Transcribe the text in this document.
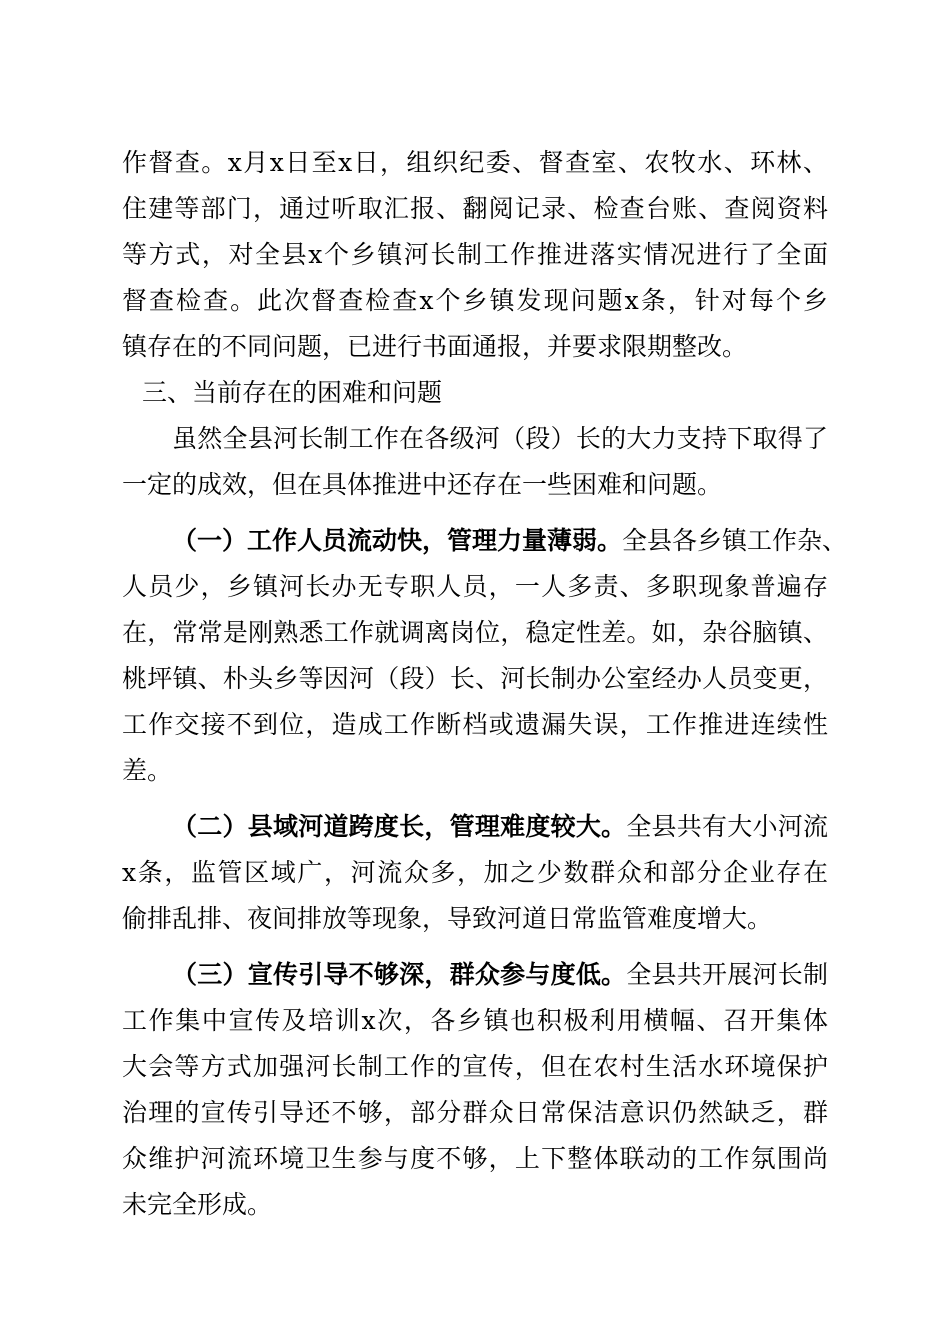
作督查。x月x日至x日，组织纪委、督查室、农牧水、环林、
住建等部门，通过听取汇报、翻阅记录、检查台账、查阅资料
等方式，对全县x个乡镇河长制工作推进落实情况进行了全面
督查检查。此次督查检查x个乡镇发现问题x条，针对每个乡
镇存在的不同问题，已进行书面通报，并要求限期整改。
三、当前存在的困难和问题
虽然全县河长制工作在各级河（段）长的大力支持下取得了
一定的成效，但在具体推进中还存在一些困难和问题。
（一）工作人员流动快，管理力量薄弱。全县各乡镇工作杂、
人员少，乡镇河长办无专职人员，一人多责、多职现象普遍存
在，常常是刚熟悉工作就调离岗位，稳定性差。如，杂谷脑镇、
桃坪镇、朴头乡等因河（段）长、河长制办公室经办人员变更，
工作交接不到位，造成工作断档或遗漏失误，工作推进连续性
差。
（二）县域河道跨度长，管理难度较大。全县共有大小河流
x条，监管区域广，河流众多，加之少数群众和部分企业存在
偷排乱排、夜间排放等现象，导致河道日常监管难度增大。
（三）宣传引导不够深，群众参与度低。全县共开展河长制
工作集中宣传及培训x次，各乡镇也积极利用横幅、召开集体
大会等方式加强河长制工作的宣传，但在农村生活水环境保护
治理的宣传引导还不够，部分群众日常保洁意识仍然缺乏，群
众维护河流环境卫生参与度不够，上下整体联动的工作氛围尚
未完全形成。
